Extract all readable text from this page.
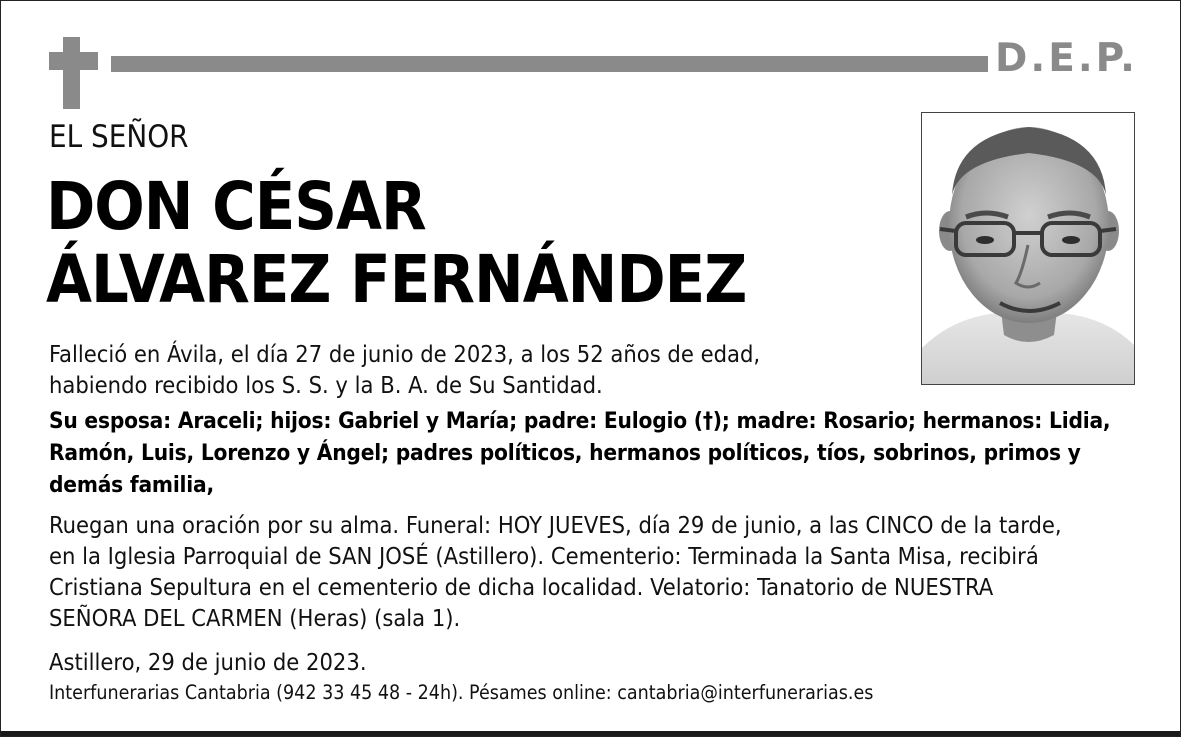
D.E.P.
EL SEÑOR
DON CÉSAR
ÁLVAREZ FERNÁNDEZ
Falleció en Ávila, el día 27 de junio de 2023, a los 52 años de edad,
habiendo recibido los S. S. y la B. A. de Su Santidad.
Su esposa: Araceli; hijos: Gabriel y María; padre: Eulogio (†); madre: Rosario; hermanos: Lidia,
Ramón, Luis, Lorenzo y Ángel; padres políticos, hermanos políticos, tíos, sobrinos, primos y
demás familia,
Ruegan una oración por su alma. Funeral: HOY JUEVES, día 29 de junio, a las CINCO de la tarde,
en la Iglesia Parroquial de SAN JOSÉ (Astillero). Cementerio: Terminada la Santa Misa, recibirá
Cristiana Sepultura en el cementerio de dicha localidad. Velatorio: Tanatorio de NUESTRA
SEÑORA DEL CARMEN (Heras) (sala 1).
Astillero, 29 de junio de 2023.
Interfunerarias Cantabria (942 33 45 48 - 24h). Pésames online: cantabria@interfunerarias.es
